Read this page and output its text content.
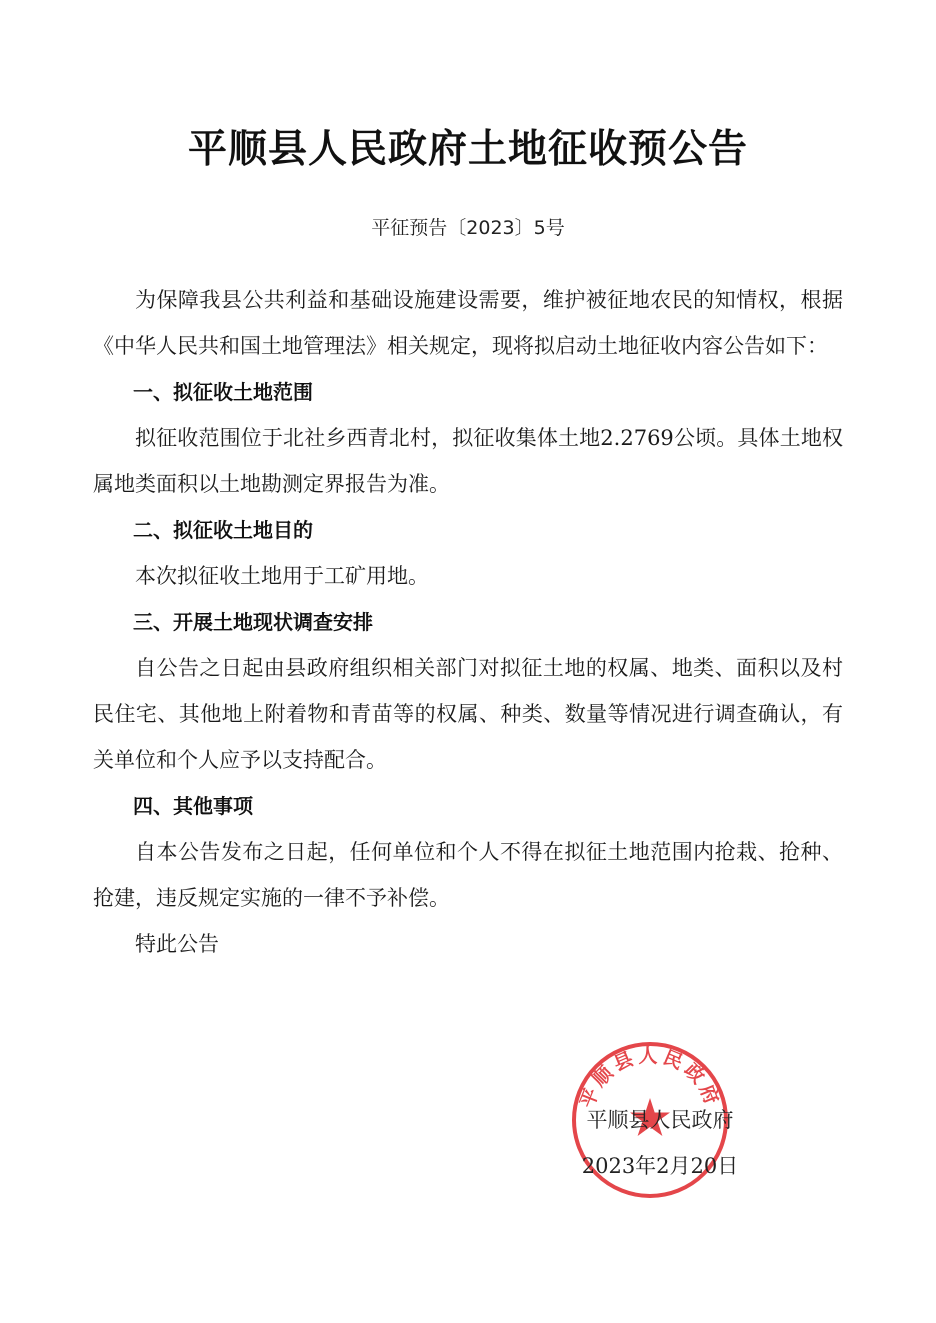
平顺县人民政府土地征收预公告
平征预告〔2023〕5号

为保障我县公共利益和基础设施建设需要，维护被征地农民的知情权，根据《中华人民共和国土地管理法》相关规定，现将拟启动土地征收内容公告如下：

一、拟征收土地范围

拟征收范围位于北社乡西青北村，拟征收集体土地2.2769公顷。具体土地权属地类面积以土地勘测定界报告为准。

二、拟征收土地目的

本次拟征收土地用于工矿用地。

三、开展土地现状调查安排

自公告之日起由县政府组织相关部门对拟征土地的权属、地类、面积以及村民住宅、其他地上附着物和青苗等的权属、种类、数量等情况进行调查确认，有关单位和个人应予以支持配合。

四、其他事项

自本公告发布之日起，任何单位和个人不得在拟征土地范围内抢栽、抢种、抢建，违反规定实施的一律不予补偿。

特此公告

平顺县人民政府
平顺县人民政府
2023年2月20日
